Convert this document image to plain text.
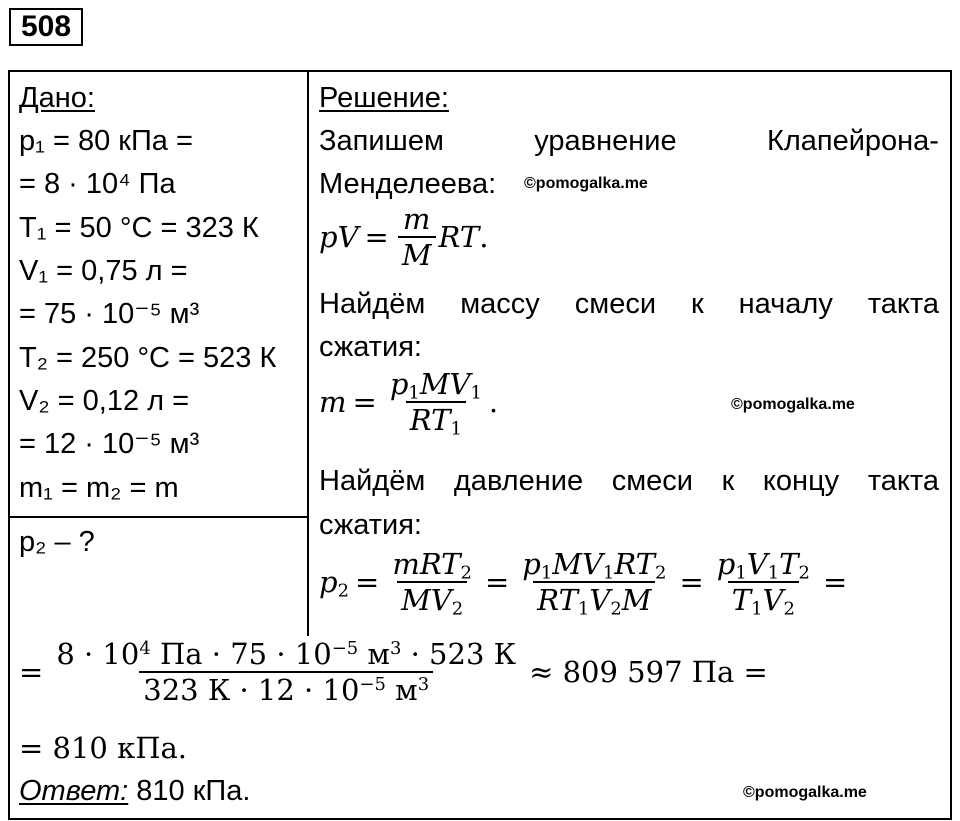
508
Дано:
p₁ = 80 кПа =
= 8 · 10⁴ Па
T₁ = 50 °C = 323 К
V₁ = 0,75 л =
= 75 · 10⁻⁵ м³
T₂ = 250 °C = 523 К
V₂ = 0,12 л =
= 12 · 10⁻⁵ м³
m₁ = m₂ = m
p₂ – ?
Решение:
Запишем	уравнение	Клапейрона-
Менделеева: ©pomogalka.me
pV = $\frac{m}{M}$ RT.
Найдём массу смеси к началу такта
сжатия:
$m = \frac{p_1MV_1}{RT_1}$ .	©pomogalka.me
Найдём давление смеси к концу такта
сжатия:
$p_2 = \frac{mRT_2}{MV_2} = \frac{p_1MV_1RT_2}{RT_1V_2M} = \frac{p_1V_1T_2}{T_1V_2}$ =
= $\frac{8 \cdot 10^4 Па \cdot 75 \cdot 10^{-5} м^3 \cdot 523 К}{323 К \cdot 12 \cdot 10^{-5} м^3} \approx 809$ 597 Па =
= 810 кПа.
Ответ: 810 кПа.	©pomogalka.me
